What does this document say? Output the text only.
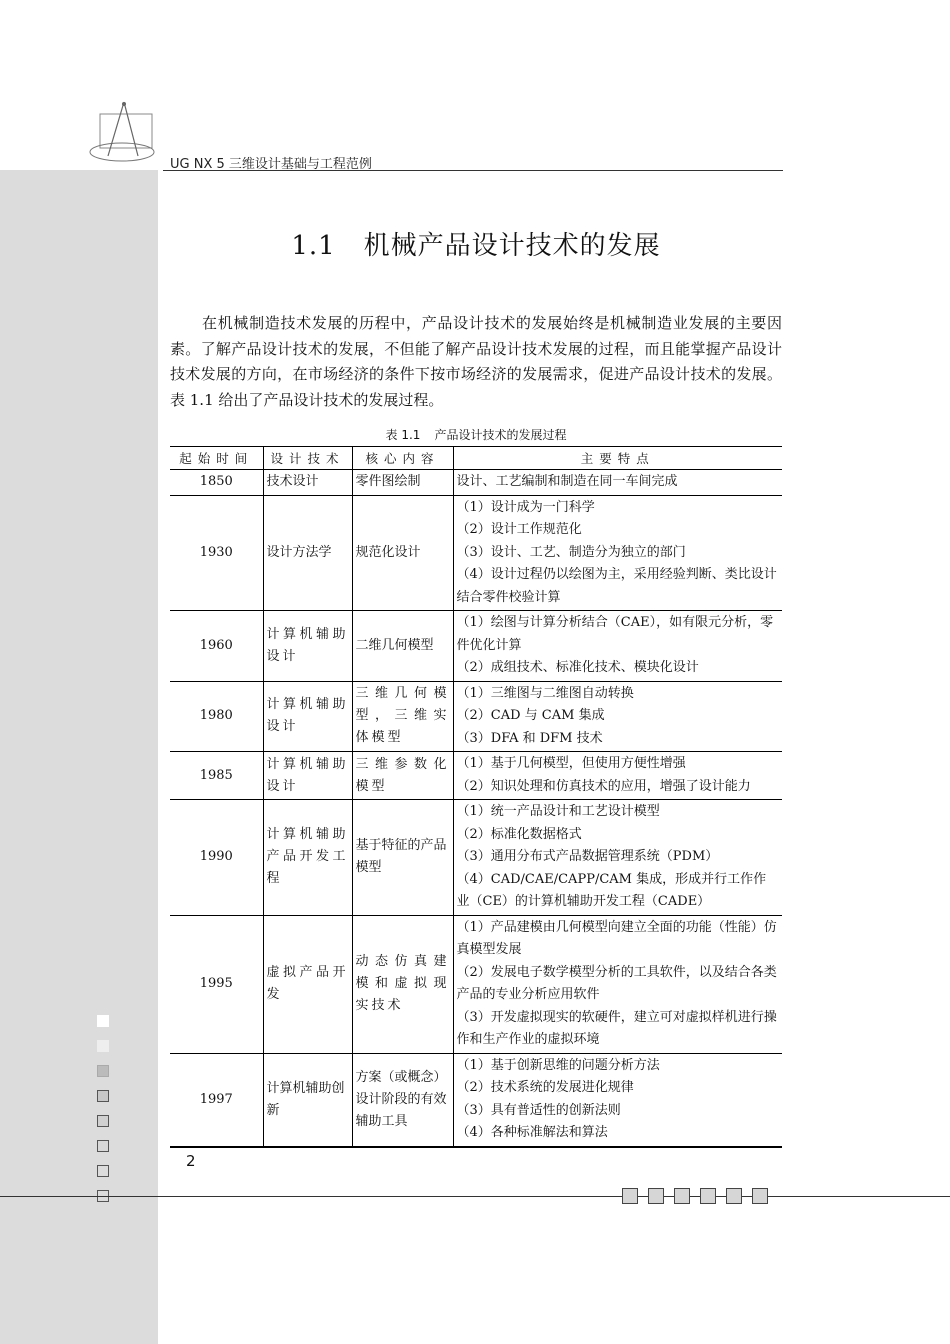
UG NX 5 三维设计基础与工程范例
1.1 机械产品设计技术的发展
在机械制造技术发展的历程中，产品设计技术的发展始终是机械制造业发展的主要因素。了解产品设计技术的发展，不但能了解产品设计技术发展的过程，而且能掌握产品设计技术发展的方向，在市场经济的条件下按市场经济的发展需求，促进产品设计技术的发展。表 1.1 给出了产品设计技术的发展过程。
表 1.1 产品设计技术的发展过程
起始时间	设计技术	核心内容	主要特点
1850	技术设计	零件图绘制	设计、工艺编制和制造在同一车间完成

1930	设计方法学	规范化设计	（1）设计成为一门科学
（2）设计工作规范化
（3）设计、工艺、制造分为独立的部门
（4）设计过程仍以绘图为主，采用经验判断、类比设计结合零件校验计算

1960	计算机辅助设计	二维几何模型	（1）绘图与计算分析结合（CAE），如有限元分析，零件优化计算
（2）成组技术、标准化技术、模块化设计

1980	计算机辅助设计	三维几何模型，三维实体模型	（1）三维图与二维图自动转换
（2）CAD 与 CAM 集成
（3）DFA 和 DFM 技术

1985	计算机辅助设计	三维参数化模型	（1）基于几何模型，但使用方便性增强
（2）知识处理和仿真技术的应用，增强了设计能力

1990	计算机辅助产品开发工程	基于特征的产品模型	（1）统一产品设计和工艺设计模型
（2）标准化数据格式
（3）通用分布式产品数据管理系统（PDM）
（4）CAD/CAE/CAPP/CAM 集成，形成并行工作作业（CE）的计算机辅助开发工程（CADE）

1995	虚拟产品开发	动态仿真建模和虚拟现实技术	（1）产品建模由几何模型向建立全面的功能（性能）仿真模型发展
（2）发展电子数学模型分析的工具软件，以及结合各类产品的专业分析应用软件
（3）开发虚拟现实的软硬件，建立可对虚拟样机进行操作和生产作业的虚拟环境

1997	计算机辅助创新	方案（或概念）设计阶段的有效辅助工具	（1）基于创新思维的问题分析方法
（2）技术系统的发展进化规律
（3）具有普适性的创新法则
（4）各种标准解法和算法
2
